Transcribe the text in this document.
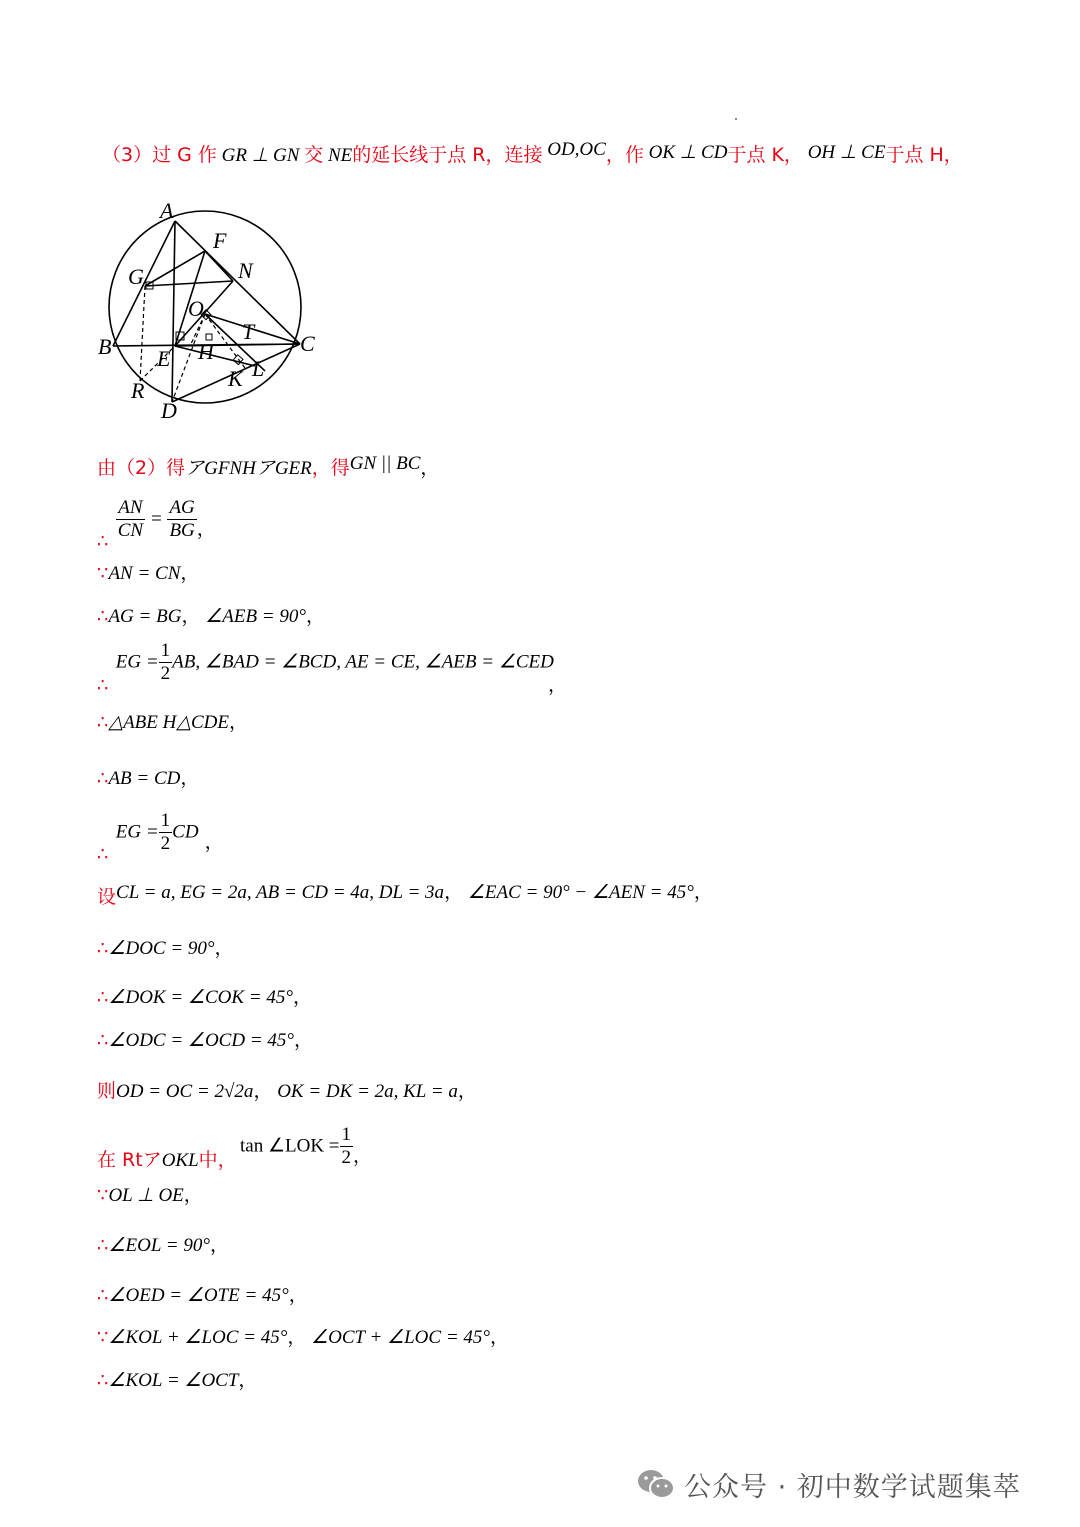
（3）过 G 作 GR ⊥ GN 交 NE的延长线于点 R，连接 OD,OC，作 OK ⊥ CD于点 K， OH ⊥ CE于点 H，
A
F
N
G
O
B	C
E H
T
K L
R
D
由（2）得アGFNHアGER，得GN || BC，

$\frac{AN}{CN} = \frac{AG}{BG}$ ，
∴
∵AN = CN，
∴AG = BG， ∠AEB = 90°，
EG = $\frac{1}{2}$ AB, ∠BAD = ∠BCD, AE = CE, ∠AEB = ∠CED
∴	，
∴△ABE H△CDE，
∴AB = CD，
EG = $\frac{1}{2}$ CD ，
∴
设CL = a, EG = 2a, AB = CD = 4a, DL = 3a， ∠EAC = 90° − ∠AEN = 45°，
∴∠DOC = 90°，
∴∠DOK = ∠COK = 45°，
∴∠ODC = ∠OCD = 45°，
则OD = OC = 2√2a， OK = DK = 2a, KL = a，
在 RtアOKL中，
tan ∠LOK = $\frac{1}{2}$ ，
∵OL ⊥ OE，
∴∠EOL = 90°，
∴∠OED = ∠OTE = 45°，
∵∠KOL + ∠LOC = 45°， ∠OCT + ∠LOC = 45°，
∴∠KOL = ∠OCT，
公众号 · 初中数学试题集萃
